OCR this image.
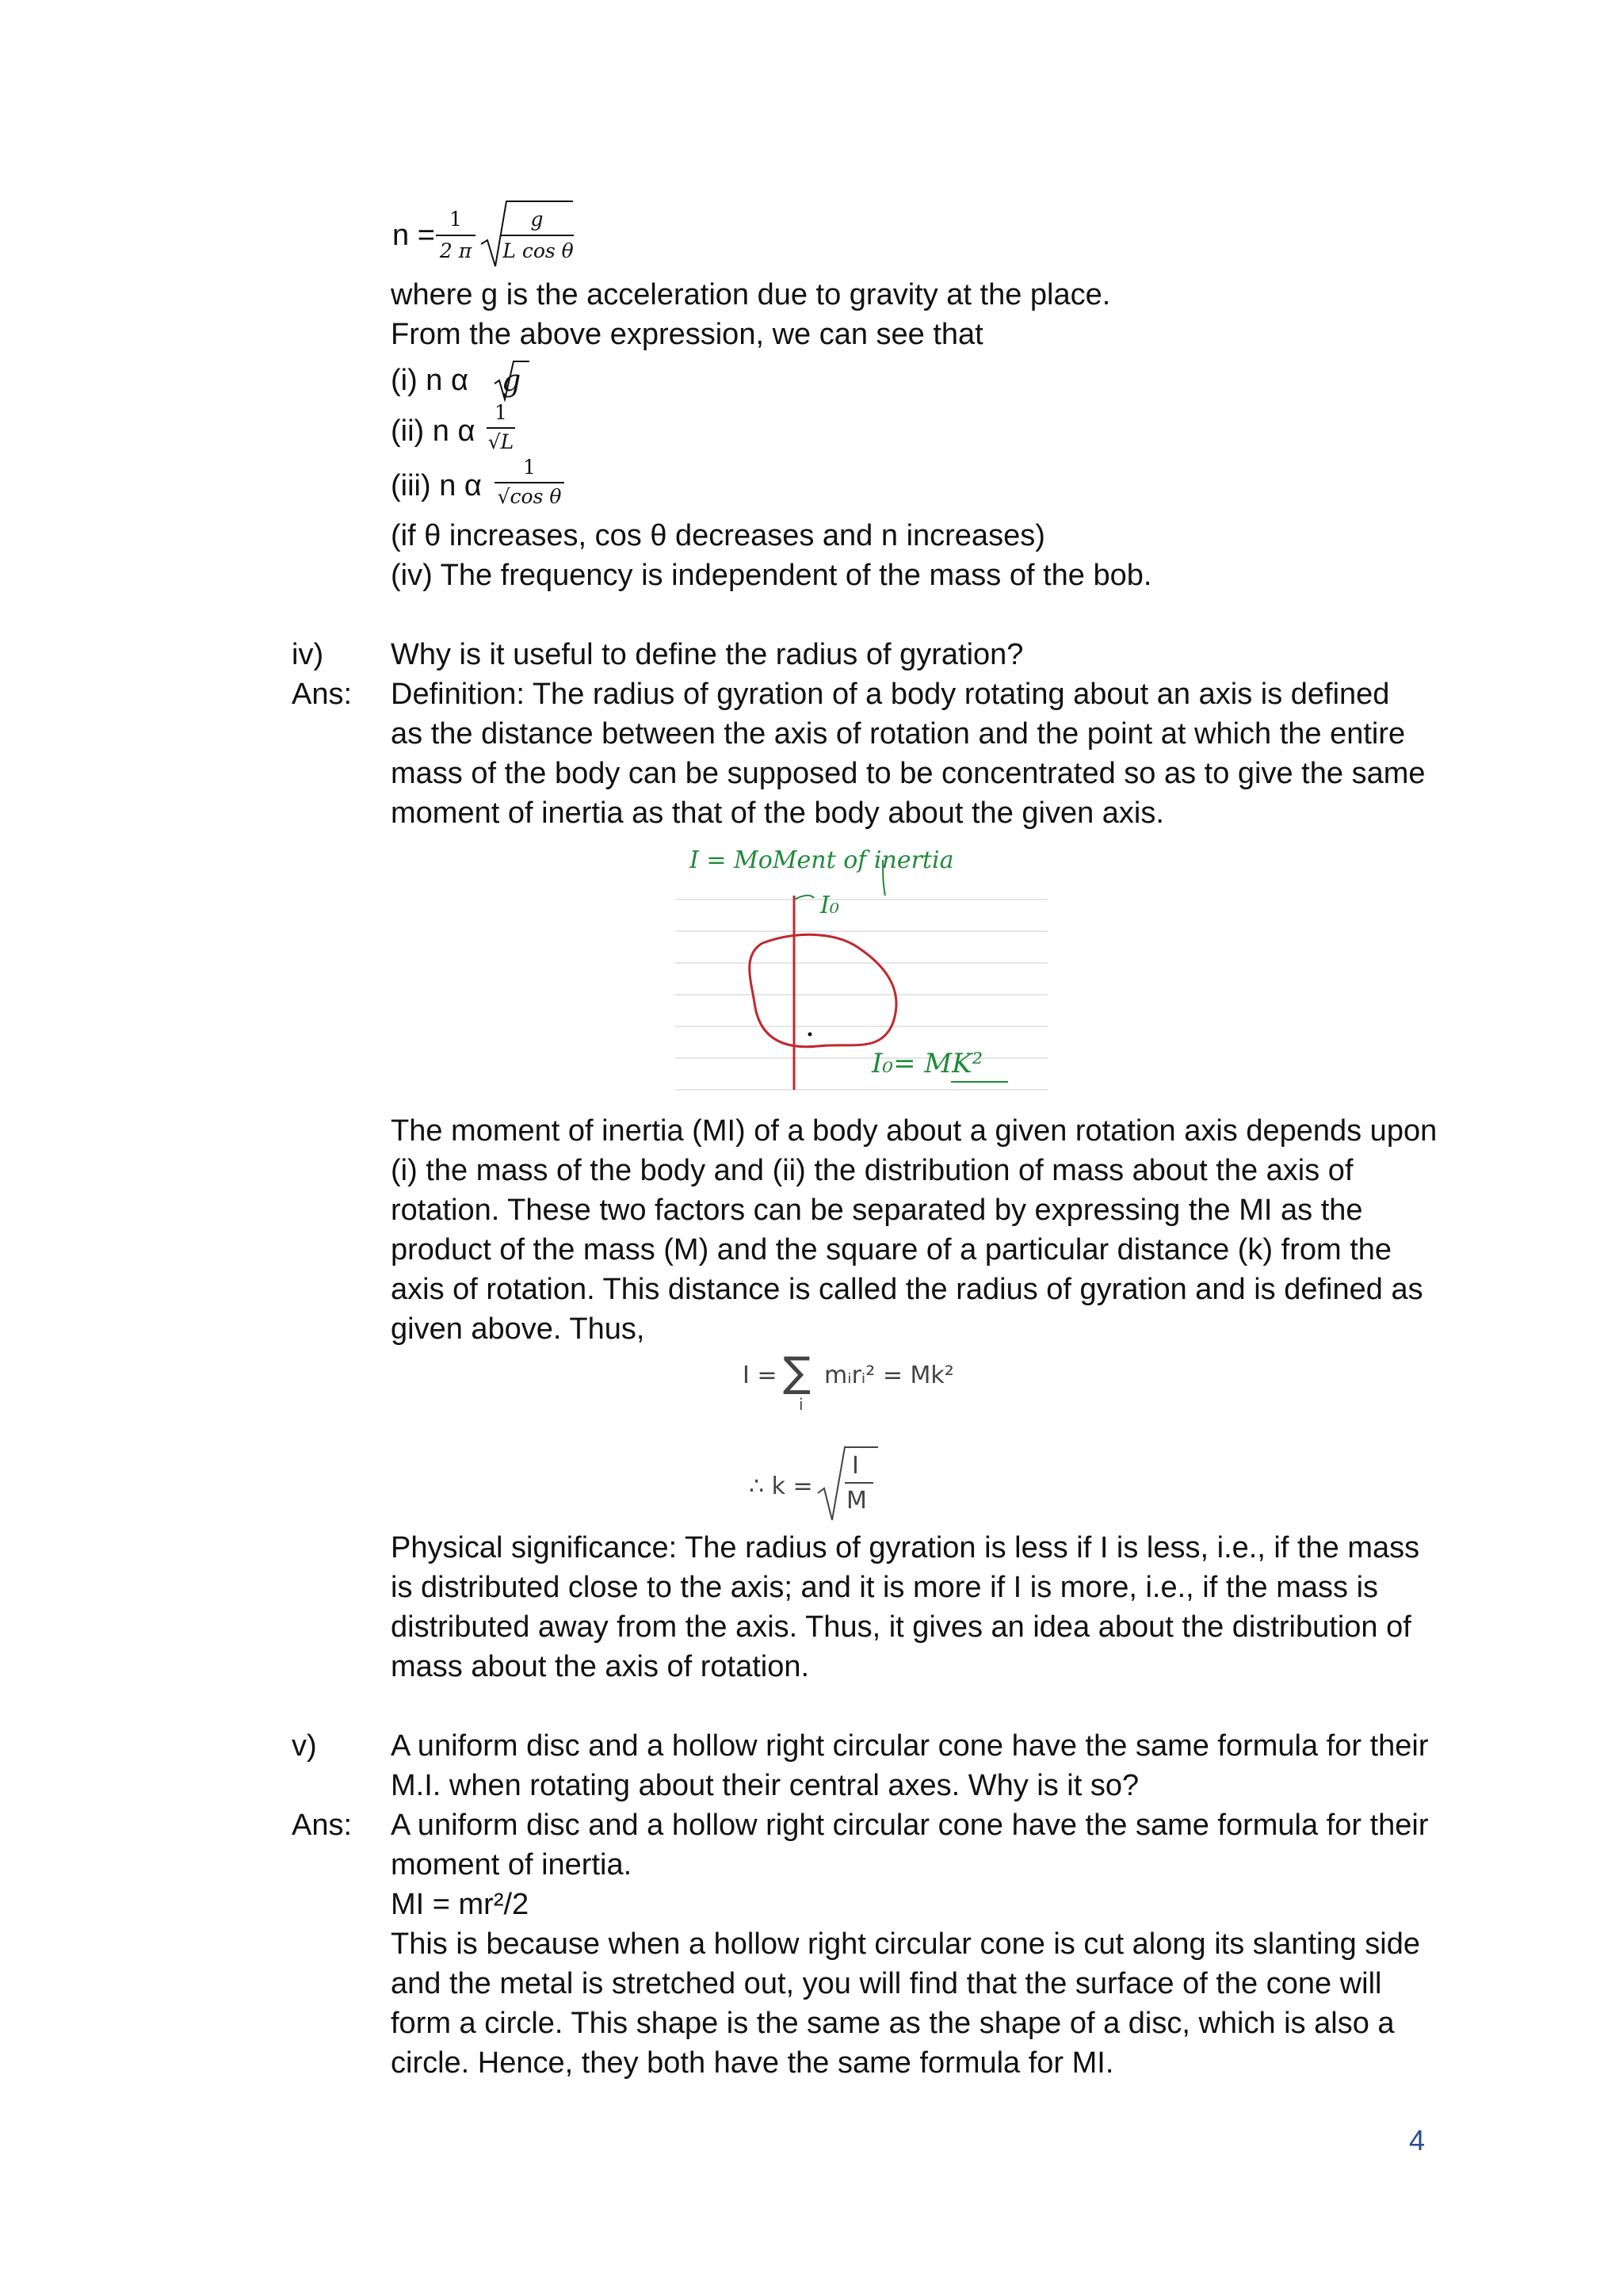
n = 1
2 π
g
L cos θ
where g is the acceleration due to gravity at the place.
From the above expression, we can see that
(i) n α g
(ii) n α
1
√L
(iii) n α
1
√cos θ
(if θ increases, cos θ decreases and n increases)
(iv) The frequency is independent of the mass of the bob.
iv) Why is it useful to define the radius of gyration?
Ans: Definition: The radius of gyration of a body rotating about an axis is defined as the distance between the axis of rotation and the point at which the entire mass of the body can be supposed to be concentrated so as to give the same moment of inertia as that of the body about the given axis.
I = MoMent of inertia
I₀
I₀= MK²
The moment of inertia (MI) of a body about a given rotation axis depends upon (i) the mass of the body and (ii) the distribution of mass about the axis of rotation. These two factors can be separated by expressing the MI as the product of the mass (M) and the square of a particular distance (k) from the axis of rotation. This distance is called the radius of gyration and is defined as given above. Thus,
I = ∑
i
mᵢrᵢ² = Mk²
∴ k =
I
M
Physical significance: The radius of gyration is less if I is less, i.e., if the mass is distributed close to the axis; and it is more if I is more, i.e., if the mass is distributed away from the axis. Thus, it gives an idea about the distribution of mass about the axis of rotation.
v) A uniform disc and a hollow right circular cone have the same formula for their M.I. when rotating about their central axes. Why is it so?
Ans: A uniform disc and a hollow right circular cone have the same formula for their moment of inertia.
MI = mr²/2
This is because when a hollow right circular cone is cut along its slanting side and the metal is stretched out, you will find that the surface of the cone will form a circle. This shape is the same as the shape of a disc, which is also a circle. Hence, they both have the same formula for MI.
4
